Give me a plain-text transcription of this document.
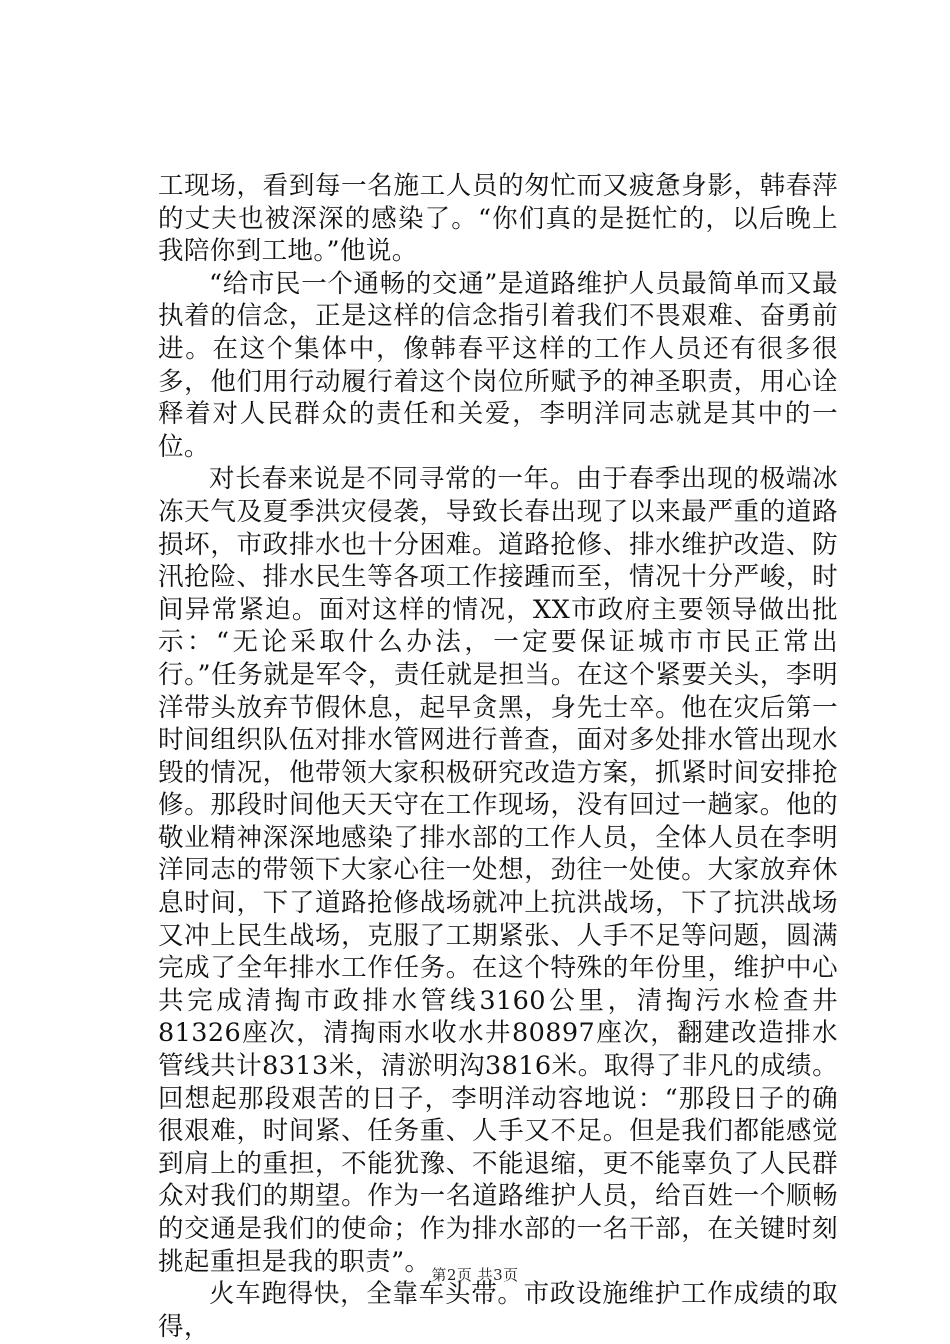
工现场，看到每一名施工人员的匆忙而又疲惫身影，韩春萍的丈夫也被深深的感染了。“你们真的是挺忙的，以后晚上我陪你到工地。”他说。

“给市民一个通畅的交通”是道路维护人员最简单而又最执着的信念，正是这样的信念指引着我们不畏艰难、奋勇前进。在这个集体中，像韩春平这样的工作人员还有很多很多，他们用行动履行着这个岗位所赋予的神圣职责，用心诠释着对人民群众的责任和关爱，李明洋同志就是其中的一位。

对长春来说是不同寻常的一年。由于春季出现的极端冰冻天气及夏季洪灾侵袭，导致长春出现了以来最严重的道路损坏，市政排水也十分困难。道路抢修、排水维护改造、防汛抢险、排水民生等各项工作接踵而至，情况十分严峻，时间异常紧迫。面对这样的情况，XX市政府主要领导做出批示：“无论采取什么办法，一定要保证城市市民正常出行。”任务就是军令，责任就是担当。在这个紧要关头，李明洋带头放弃节假休息，起早贪黑，身先士卒。他在灾后第一时间组织队伍对排水管网进行普查，面对多处排水管出现水毁的情况，他带领大家积极研究改造方案，抓紧时间安排抢修。那段时间他天天守在工作现场，没有回过一趟家。他的敬业精神深深地感染了排水部的工作人员，全体人员在李明洋同志的带领下大家心往一处想，劲往一处使。大家放弃休息时间，下了道路抢修战场就冲上抗洪战场，下了抗洪战场又冲上民生战场，克服了工期紧张、人手不足等问题，圆满完成了全年排水工作任务。在这个特殊的年份里，维护中心共完成清掏市政排水管线3160公里，清掏污水检查井81326座次，清掏雨水收水井80897座次，翻建改造排水管线共计8313米，清淤明沟3816米。取得了非凡的成绩。回想起那段艰苦的日子，李明洋动容地说：“那段日子的确很艰难，时间紧、任务重、人手又不足。但是我们都能感觉到肩上的重担，不能犹豫、不能退缩，更不能辜负了人民群众对我们的期望。作为一名道路维护人员，给百姓一个顺畅的交通是我们的使命；作为排水部的一名干部，在关键时刻挑起重担是我的职责”。

火车跑得快，全靠车头带。市政设施维护工作成绩的取得，

第2页 共3页
